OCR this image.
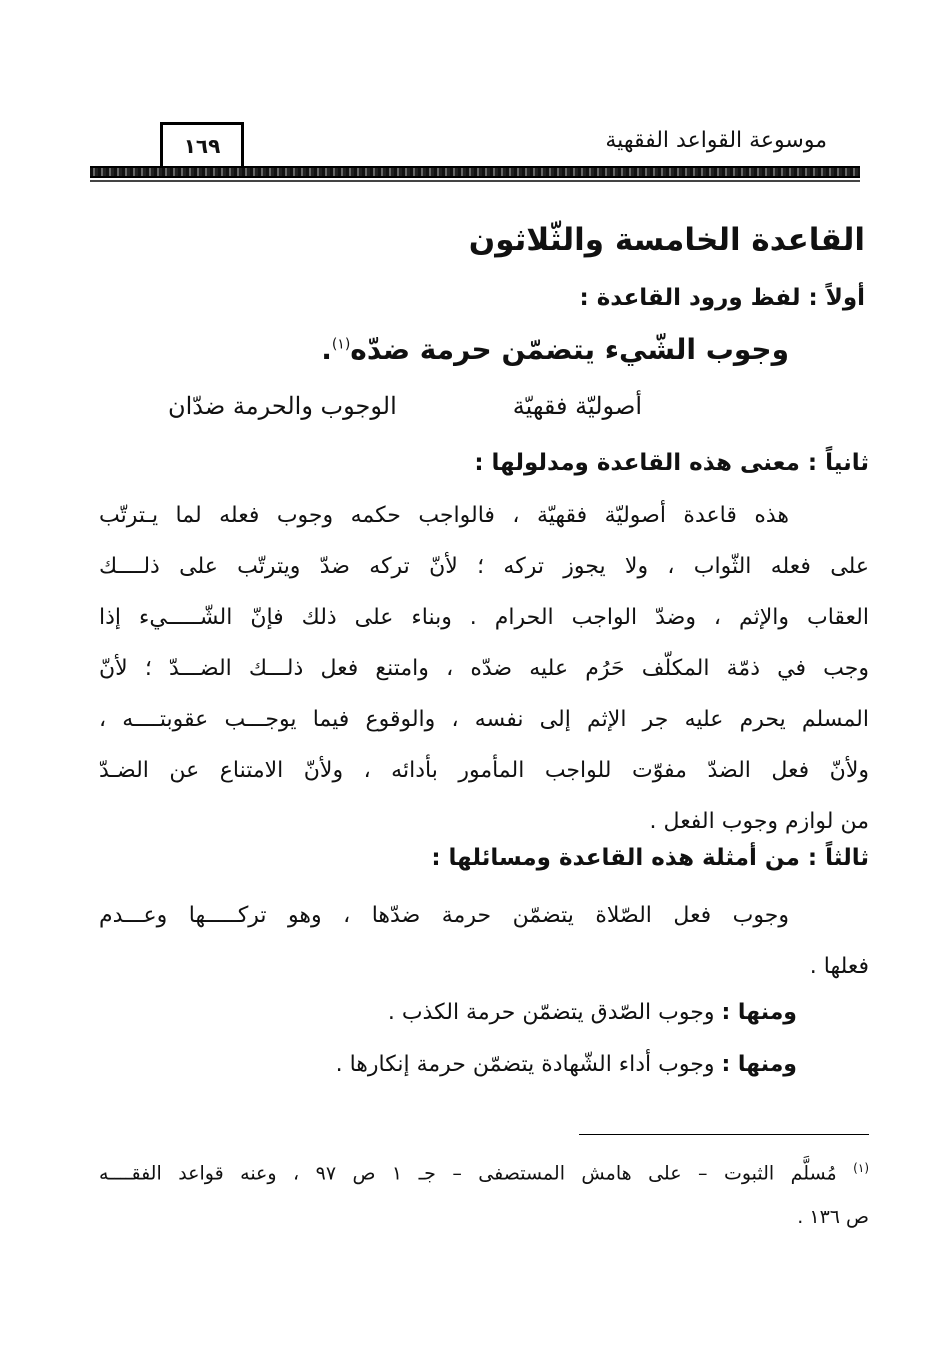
موسوعة القواعد الفقهية
١٦٩
القاعدة الخامسة والثّلاثون
أولاً : لفظ ورود القاعدة :
وجوب الشّيء يتضمّن حرمة ضدّه$^{(١)}$.
أصوليّة فقهيّة
الوجوب والحرمة ضدّان
ثانياً : معنى هذه القاعدة ومدلولها :
هذه قاعدة أصوليّة فقهيّة ، فالواجب حكمه وجوب فعله لما يـترتّب
على فعله الثّواب ، ولا يجوز تركه ؛ لأنّ تركه ضدّ ويترتّب على ذلــــك
العقاب والإثم ، وضدّ الواجب الحرام . وبناء على ذلك فإنّ الشّـــــيء إذا
وجب في ذمّة المكلّف حَرُم عليه ضدّه ، وامتنع فعل ذلـــك الضـــدّ ؛ لأنّ
المسلم يحرم عليه جر الإثم إلى نفسه ، والوقوع فيما يوجـــب عقوبتــــه ،
ولأنّ فعل الضدّ مفوّت للواجب المأمور بأدائه ، ولأنّ الامتناع عن الضـدّ
من لوازم وجوب الفعل .
ثالثاً : من أمثلة هذه القاعدة ومسائلها :
وجوب فعل الصّلاة يتضمّن حرمة ضدّها ، وهو تركـــــها وعـــدم
فعلها .
ومنها : وجوب الصّدق يتضمّن حرمة الكذب .
ومنها : وجوب أداء الشّهادة يتضمّن حرمة إنكارها .
$^{(١)}$ مُسلَّم الثبوت – على هامش المستصفى – جـ ١ ص ٩٧ ، وعنه قواعد الفقــــه
ص ١٣٦ .
